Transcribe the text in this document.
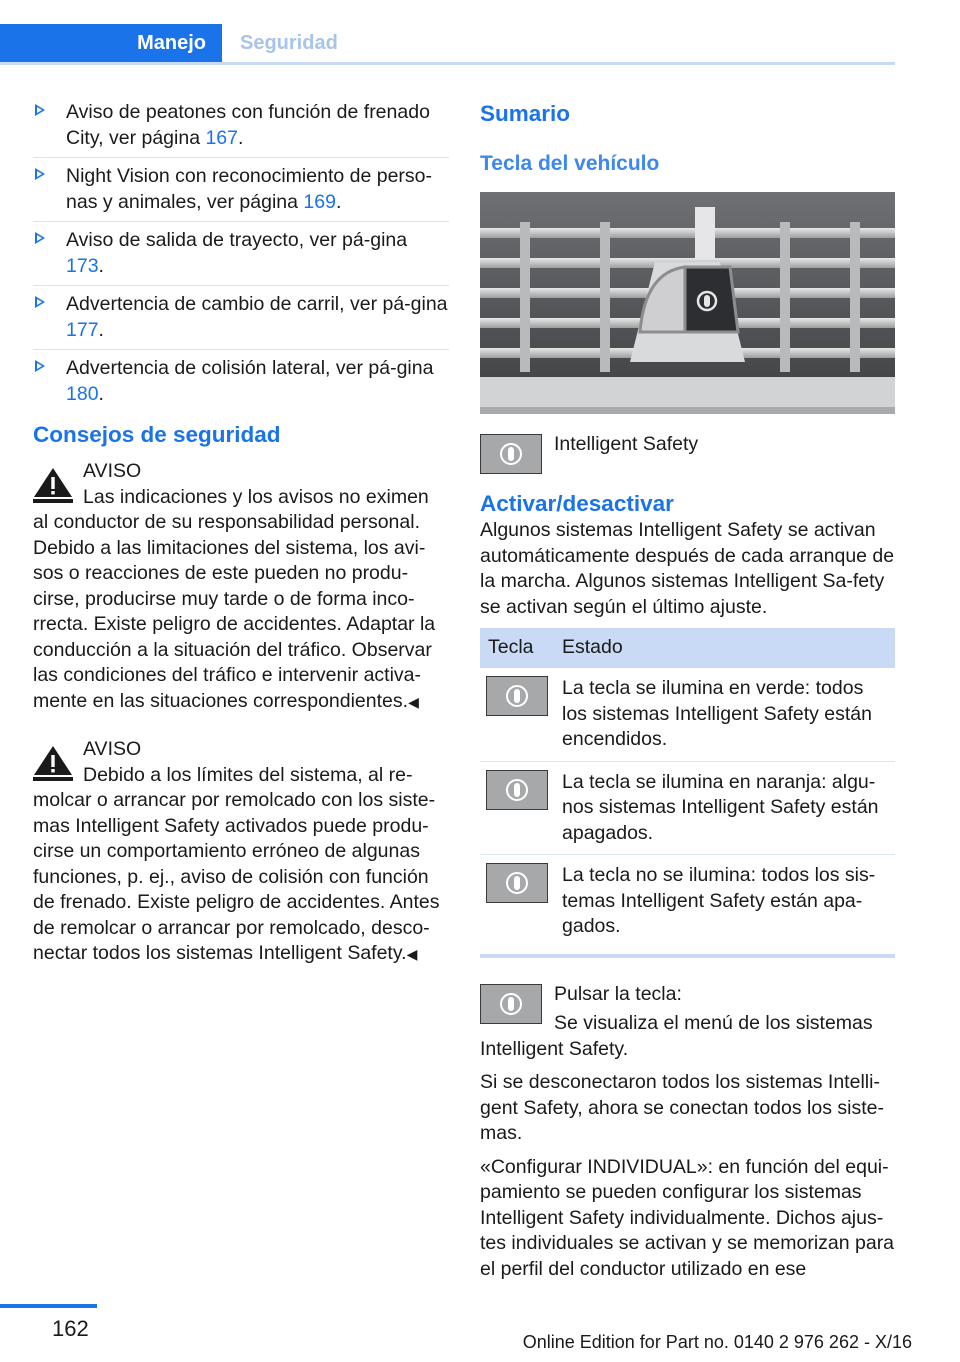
Manejo	Seguridad
Aviso de peatones con función de frenado City, ver página 167.
Night Vision con reconocimiento de perso-nas y animales, ver página 169.
Aviso de salida de trayecto, ver pá-gina 173.
Advertencia de cambio de carril, ver pá-gina 177.
Advertencia de colisión lateral, ver pá-gina 180.
Consejos de seguridad

AVISO

Las indicaciones y los avisos no eximen

al conductor de su responsabilidad personal. Debido a las limitaciones del sistema, los avi-sos o reacciones de este pueden no produ-cirse, producirse muy tarde o de forma inco-rrecta. Existe peligro de accidentes. Adaptar la conducción a la situación del tráfico. Observar las condiciones del tráfico e intervenir activa-mente en las situaciones correspondientes.◀

AVISO

Debido a los límites del sistema, al re-

molcar o arrancar por remolcado con los siste-mas Intelligent Safety activados puede produ-cirse un comportamiento erróneo de algunas funciones, p. ej., aviso de colisión con función de frenado. Existe peligro de accidentes. Antes de remolcar o arrancar por remolcado, desco-nectar todos los sistemas Intelligent Safety.◀

Sumario
Tecla del vehículo
Intelligent Safety
Activar/desactivar

Algunos sistemas Intelligent Safety se activan automáticamente después de cada arranque de la marcha. Algunos sistemas Intelligent Sa-fety se activan según el último ajuste.

Tecla	Estado
	La tecla se ilumina en verde: todos los sistemas Intelligent Safety están encendidos.
	La tecla se ilumina en naranja: algu-nos sistemas Intelligent Safety están apagados.
	La tecla no se ilumina: todos los sis-temas Intelligent Safety están apa-gados.

Pulsar la tecla:

Se visualiza el menú de los sistemas

Intelligent Safety.

Si se desconectaron todos los sistemas Intelli-gent Safety, ahora se conectan todos los siste-mas.

«Configurar INDIVIDUAL»: en función del equi-pamiento se pueden configurar los sistemas Intelligent Safety individualmente. Dichos ajus-tes individuales se activan y se memorizan para el perfil del conductor utilizado en ese

162
Online Edition for Part no. 0140 2 976 262 - X/16
